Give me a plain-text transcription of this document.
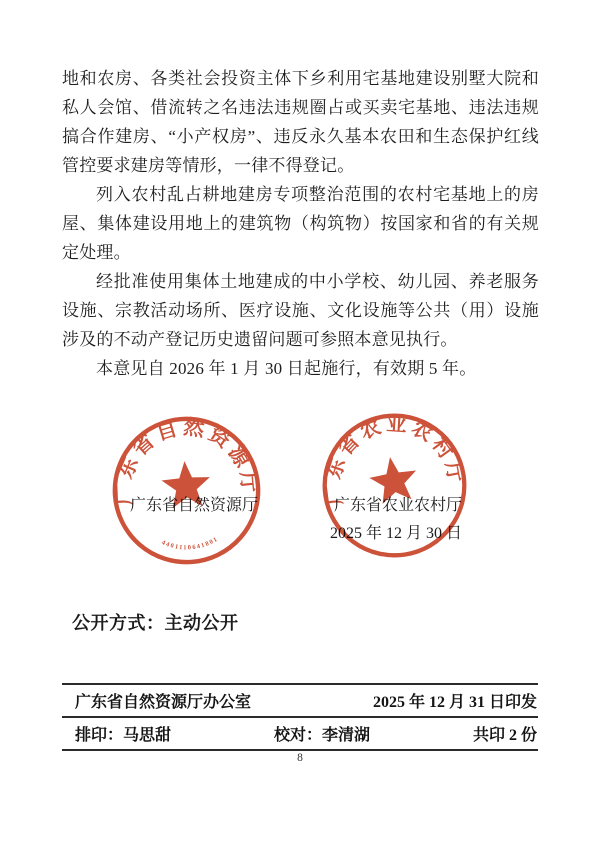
地和农房、各类社会投资主体下乡利用宅基地建设别墅大院和私人会馆、借流转之名违法违规圈占或买卖宅基地、违法违规搞合作建房、“小产权房”、违反永久基本农田和生态保护红线管控要求建房等情形，一律不得登记。

列入农村乱占耕地建房专项整治范围的农村宅基地上的房屋、集体建设用地上的建筑物（构筑物）按国家和省的有关规定处理。

经批准使用集体土地建成的中小学校、幼儿园、养老服务设施、宗教活动场所、医疗设施、文化设施等公共（用）设施涉及的不动产登记历史遗留问题可参照本意见执行。

本意见自 2026 年 1 月 30 日起施行，有效期 5 年。

广东省自然资源厅	广东省农业农村厅
2025 年 12 月 30 日
广东省自然资源厅
4401110641801
广东省农业农村厅
公开方式：主动公开
广东省自然资源厅办公室	2025 年 12 月 31 日印发
排印：马思甜	校对：李清湖	共印 2 份
8
